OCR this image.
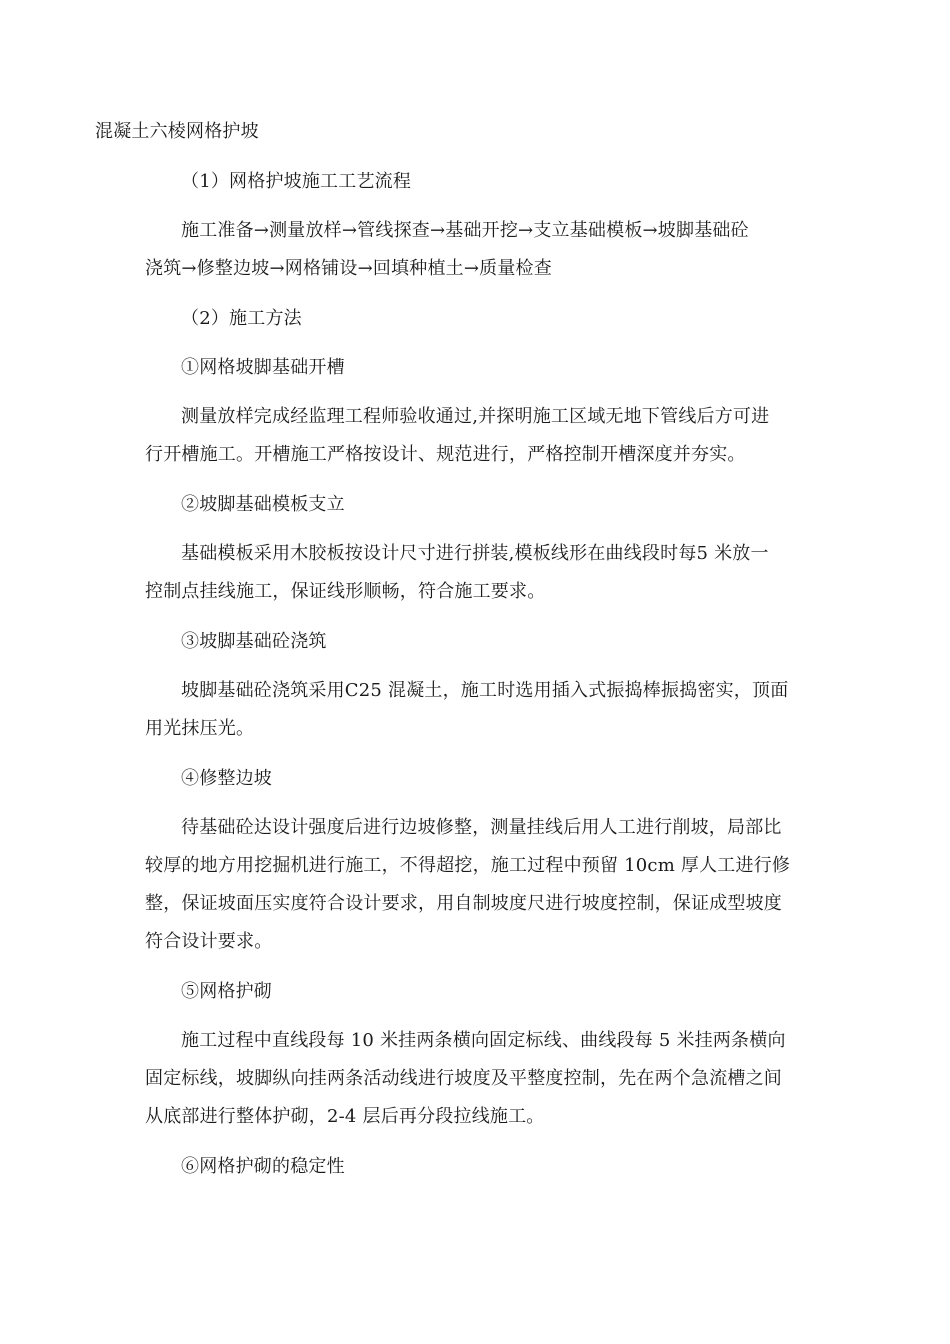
混凝土六棱网格护坡
（1）网格护坡施工工艺流程
施工准备→测量放样→管线探查→基础开挖→支立基础模板→坡脚基础砼
浇筑→修整边坡→网格铺设→回填种植土→质量检查
（2）施工方法
①网格坡脚基础开槽
测量放样完成经监理工程师验收通过,并探明施工区域无地下管线后方可进
行开槽施工。开槽施工严格按设计、规范进行，严格控制开槽深度并夯实。
②坡脚基础模板支立
基础模板采用木胶板按设计尺寸进行拼装,模板线形在曲线段时每5 米放一
控制点挂线施工，保证线形顺畅，符合施工要求。
③坡脚基础砼浇筑
坡脚基础砼浇筑采用C25 混凝土，施工时选用插入式振捣棒振捣密实，顶面
用光抹压光。
④修整边坡
待基础砼达设计强度后进行边坡修整，测量挂线后用人工进行削坡，局部比
较厚的地方用挖掘机进行施工，不得超挖，施工过程中预留 10cm 厚人工进行修
整，保证坡面压实度符合设计要求，用自制坡度尺进行坡度控制，保证成型坡度
符合设计要求。
⑤网格护砌
施工过程中直线段每 10 米挂两条横向固定标线、曲线段每 5 米挂两条横向
固定标线，坡脚纵向挂两条活动线进行坡度及平整度控制，先在两个急流槽之间
从底部进行整体护砌，2-4 层后再分段拉线施工。
⑥网格护砌的稳定性
